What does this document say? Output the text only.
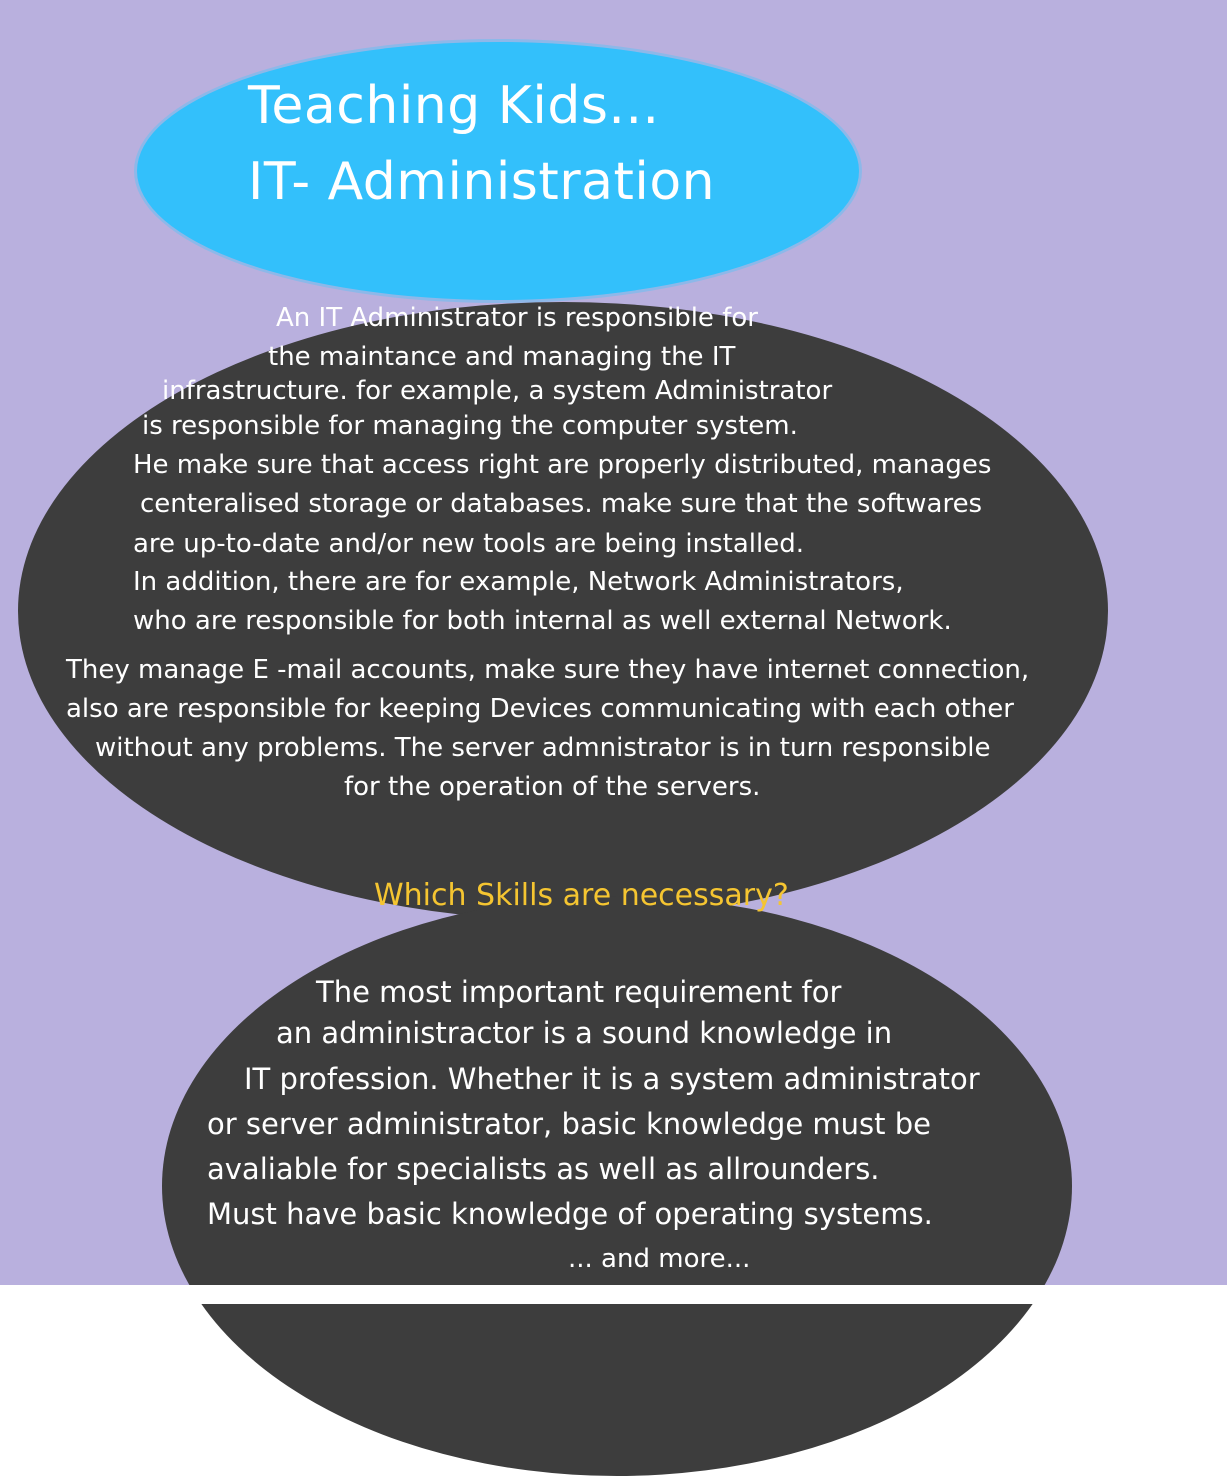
Teaching Kids...
IT- Administration
An IT Administrator is responsible for
the maintance and managing the IT
infrastructure. for example, a system Administrator
is responsible for managing the computer system.
He make sure that access right are properly distributed, manages
centeralised storage or databases. make sure that the softwares
are up-to-date and/or new tools are being installed.
In addition, there are for example, Network Administrators,
who are responsible for both internal as well external Network.
They manage E -mail accounts, make sure they have internet connection,
also are responsible for keeping Devices communicating with each other
without any problems. The server admnistrator is in turn responsible
for the operation of the servers.
Which Skills are necessary?
The most important requirement for
an administractor is a sound knowledge in
IT profession. Whether it is a system administrator
or server administrator, basic knowledge must be
avaliable for specialists as well as allrounders.
Must have basic knowledge of operating systems.
... and more...
